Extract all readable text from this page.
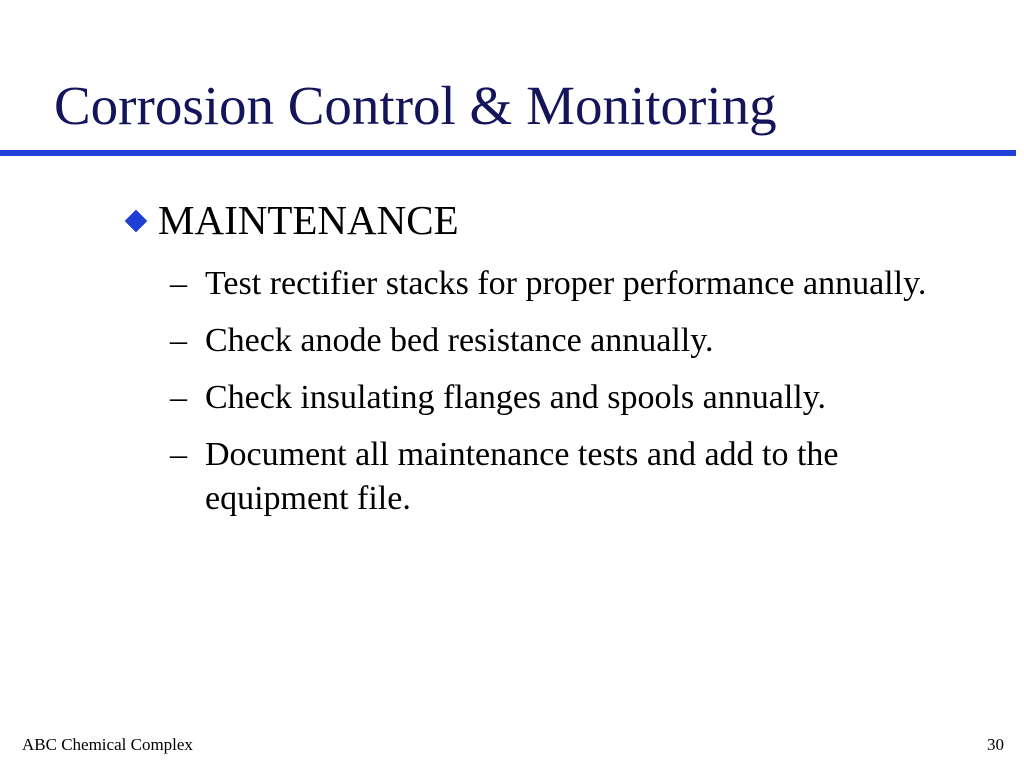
Corrosion Control & Monitoring
MAINTENANCE
– Test rectifier stacks for proper performance annually.
– Check anode bed resistance annually.
– Check insulating flanges and spools annually.
– Document all maintenance tests and add to the equipment file.
ABC Chemical Complex	30
